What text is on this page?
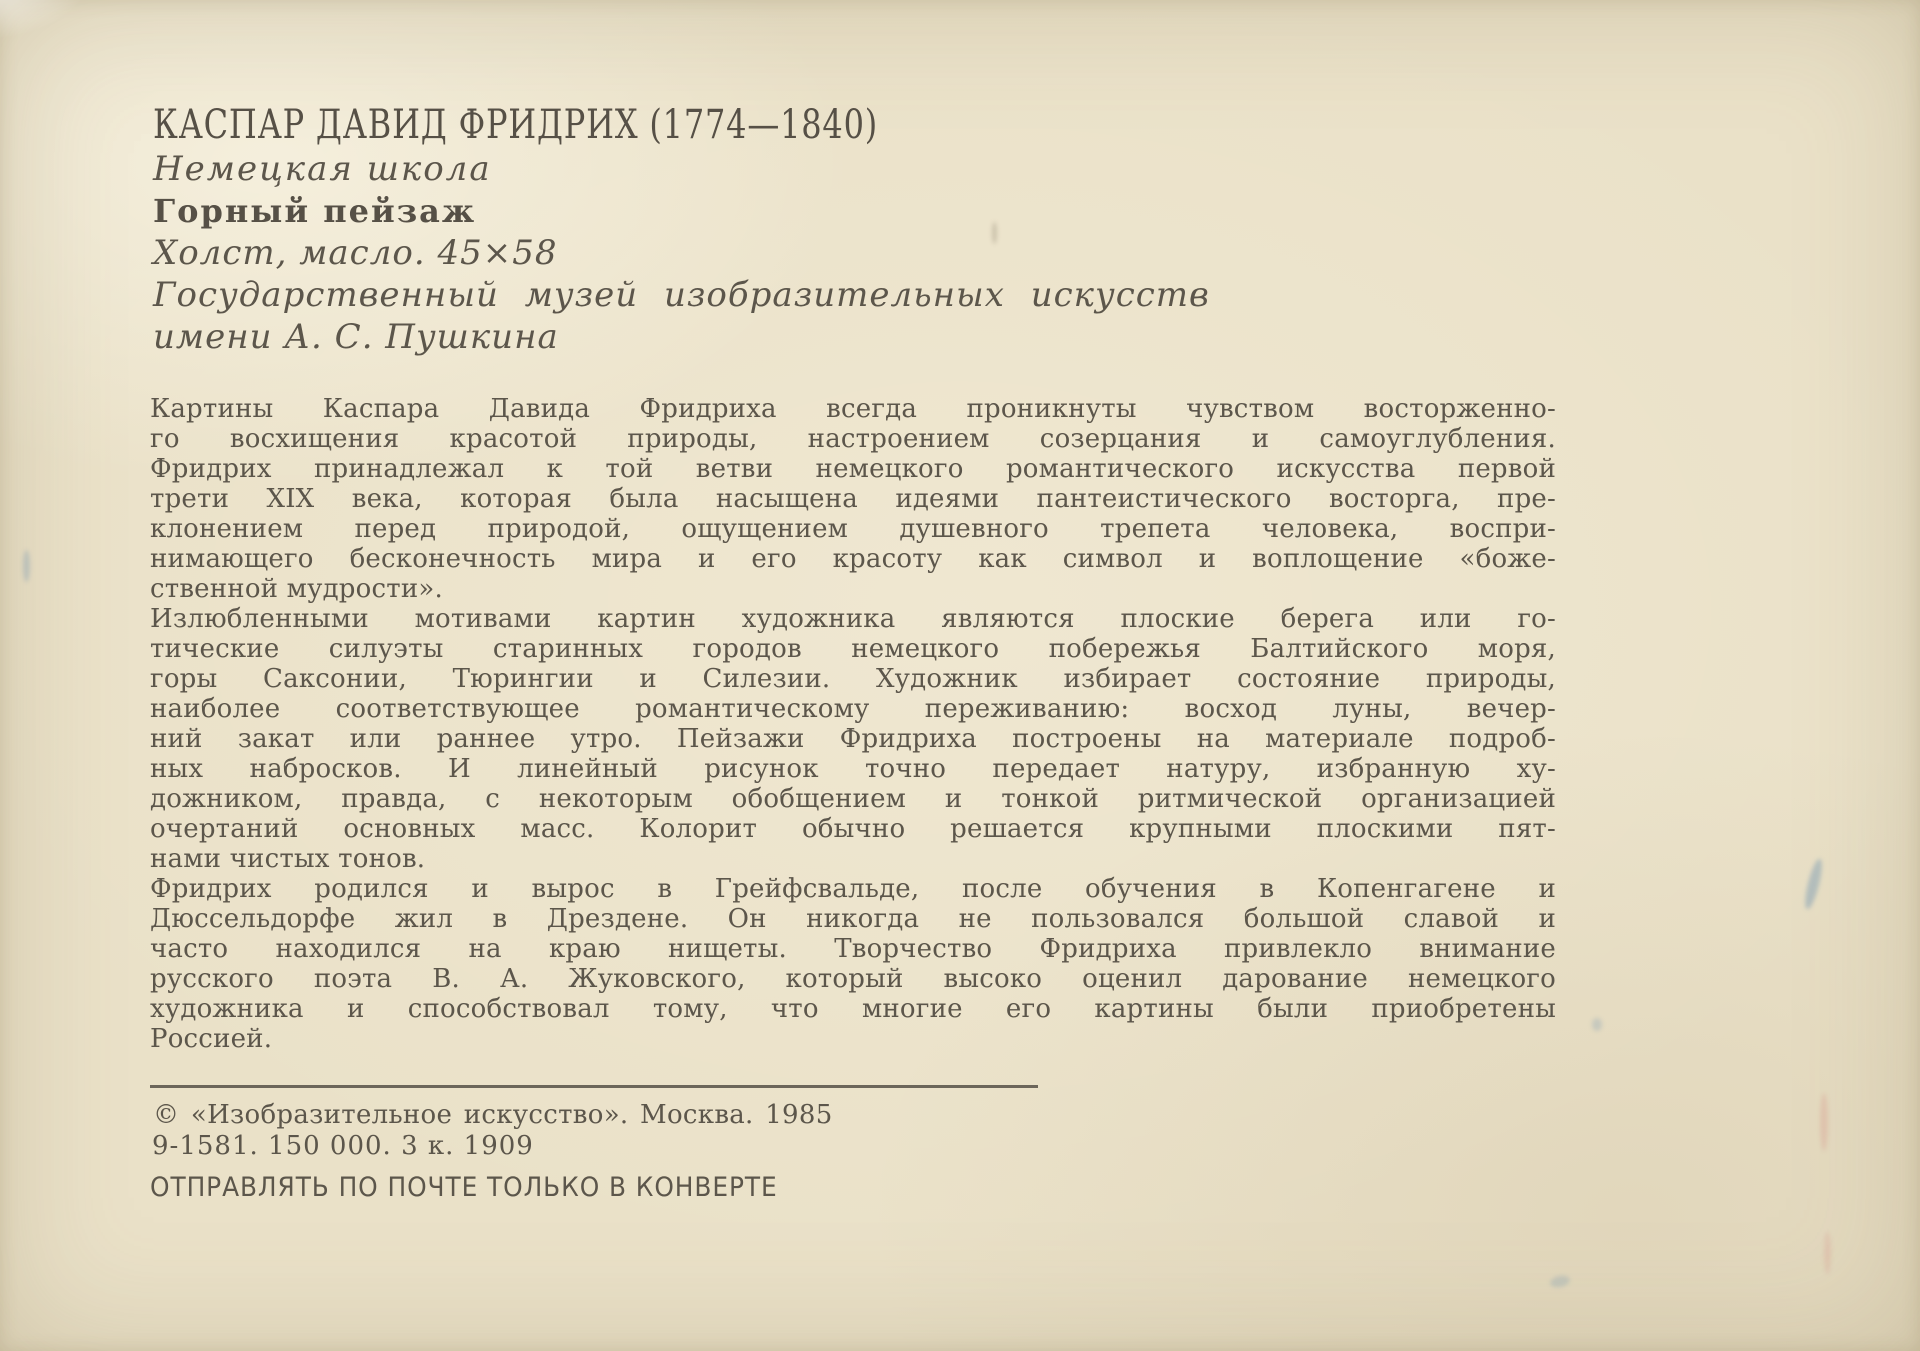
КАСПАР ДАВИД ФРИДРИХ (1774—1840)
Немецкая школа
Горный пейзаж
Холст, масло. 45×58
Государственный музей изобразительных искусств
имени А. С. Пушкина
Картины Каспара Давида Фридриха всегда проникнуты чувством восторженно-
го восхищения красотой природы, настроением созерцания и самоуглубления.
Фридрих принадлежал к той ветви немецкого романтического искусства первой
трети XIX века, которая была насыщена идеями пантеистического восторга, пре-
клонением перед природой, ощущением душевного трепета человека, воспри-
нимающего бесконечность мира и его красоту как символ и воплощение «боже-
ственной мудрости».
Излюбленными мотивами картин художника являются плоские берега или го-
тические силуэты старинных городов немецкого побережья Балтийского моря,
горы Саксонии, Тюрингии и Силезии. Художник избирает состояние природы,
наиболее соответствующее романтическому переживанию: восход луны, вечер-
ний закат или раннее утро. Пейзажи Фридриха построены на материале подроб-
ных набросков. И линейный рисунок точно передает натуру, избранную ху-
дожником, правда, с некоторым обобщением и тонкой ритмической организацией
очертаний основных масс. Колорит обычно решается крупными плоскими пят-
нами чистых тонов.
Фридрих родился и вырос в Грейфсвальде, после обучения в Копенгагене и
Дюссельдорфе жил в Дрездене. Он никогда не пользовался большой славой и
часто находился на краю нищеты. Творчество Фридриха привлекло внимание
русского поэта В. А. Жуковского, который высоко оценил дарование немецкого
художника и способствовал тому, что многие его картины были приобретены
Россией.
© «Изобразительное искусство». Москва. 1985
9-1581. 150 000. 3 к. 1909
ОТПРАВЛЯТЬ ПО ПОЧТЕ ТОЛЬКО В КОНВЕРТЕ
